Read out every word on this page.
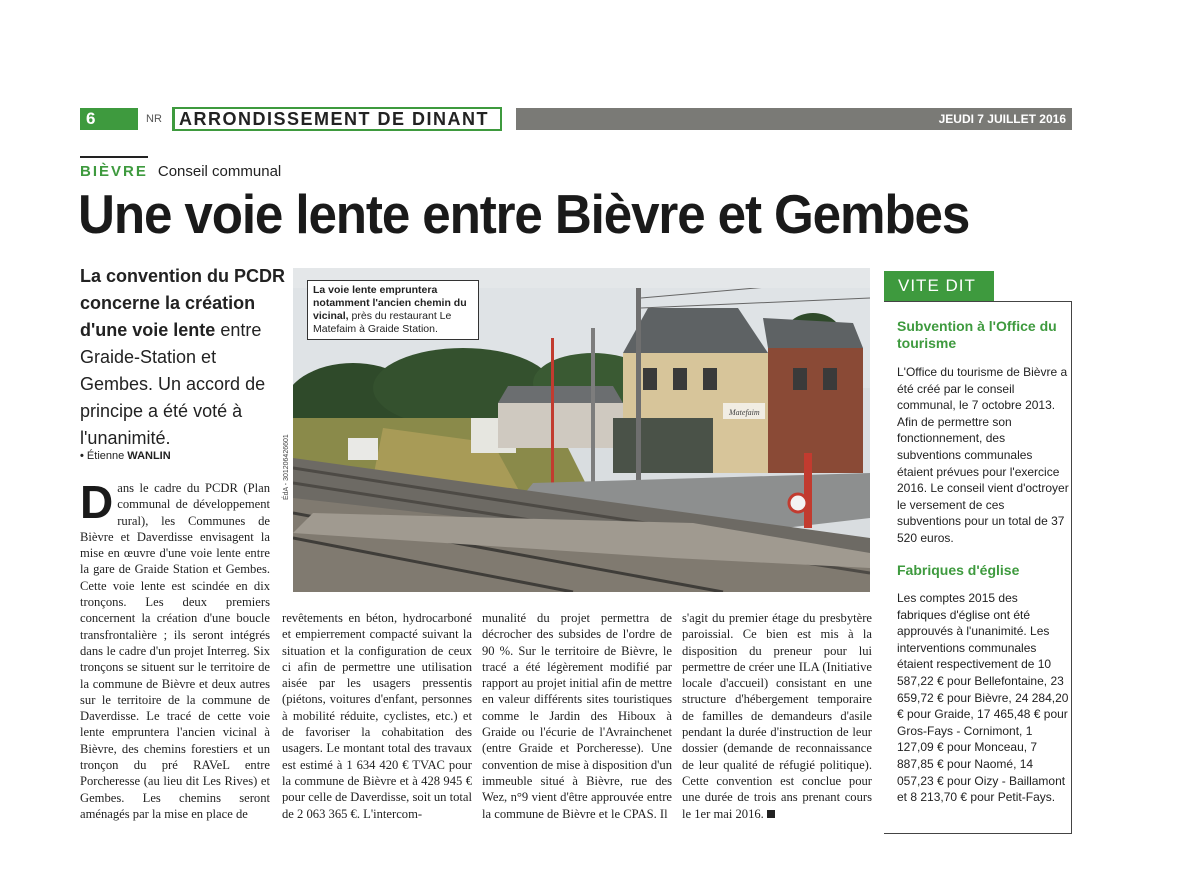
6	NR ARRONDISSEMENT DE DINANT	JEUDI 7 JUILLET 2016
BIÈVRE Conseil communal
Une voie lente entre Bièvre et Gembes
La convention du PCDR concerne la création d'une voie lente entre Graide-Station et Gembes. Un accord de principe a été voté à l'unanimité.
• Étienne WANLIN
Dans le cadre du PCDR (Plan communal de développement rural), les Communes de Bièvre et Daverdisse envisagent la mise en œuvre d'une voie lente entre la gare de Graide Station et Gembes. Cette voie lente est scindée en dix tronçons. Les deux premiers concernent la création d'une boucle transfrontalière ; ils seront intégrés dans le cadre d'un projet Interreg. Six tronçons se situent sur le territoire de la commune de Bièvre et deux autres sur le territoire de la commune de Daverdisse. Le tracé de cette voie lente empruntera l'ancien vicinal à Bièvre, des chemins forestiers et un tronçon du pré RAVeL entre Porcheresse (au lieu dit Les Rives) et Gembes. Les chemins seront aménagés par la mise en place de
revêtements en béton, hydrocarboné et empierrement compacté suivant la situation et la configuration de ceux ci afin de permettre une utilisation aisée par les usagers pressentis (piétons, voitures d'enfant, personnes à mobilité réduite, cyclistes, etc.) et de favoriser la cohabitation des usagers. Le montant total des travaux est estimé à 1 634 420 € TVAC pour la commune de Bièvre et à 428 945 € pour celle de Daverdisse, soit un total de 2 063 365 €. L'intercom-
munalité du projet permettra de décrocher des subsides de l'ordre de 90 %. Sur le territoire de Bièvre, le tracé a été légèrement modifié par rapport au projet initial afin de mettre en valeur différents sites touristiques comme le Jardin des Hiboux à Graide ou l'écurie de l'Avrainchenet (entre Graide et Porcheresse). Une convention de mise à disposition d'un immeuble situé à Bièvre, rue des Wez, n°9 vient d'être approuvée entre la commune de Bièvre et le CPAS. Il
s'agit du premier étage du presbytère paroissial. Ce bien est mis à la disposition du preneur pour lui permettre de créer une ILA (Initiative locale d'accueil) consistant en une structure d'hébergement temporaire de familles de demandeurs d'asile pendant la durée d'instruction de leur dossier (demande de reconnaissance de leur qualité de réfugié politique). Cette convention est conclue pour une durée de trois ans prenant cours le 1er mai 2016.
Matefaim
ÉdA - 301206426601
La voie lente empruntera notamment l'ancien chemin du vicinal, près du restaurant Le Matefaim à Graide Station.
VITE DIT
Subvention à l'Office du tourisme
L'Office du tourisme de Bièvre a été créé par le conseil communal, le 7 octobre 2013. Afin de permettre son fonctionnement, des subventions communales étaient prévues pour l'exercice 2016. Le conseil vient d'octroyer le versement de ces subventions pour un total de 37 520 euros.
Fabriques d'église
Les comptes 2015 des fabriques d'église ont été approuvés à l'unanimité. Les interventions communales étaient respectivement de 10 587,22 € pour Bellefontaine, 23 659,72 € pour Bièvre, 24 284,20 € pour Graide, 17 465,48 € pour Gros-Fays - Cornimont, 1 127,09 € pour Monceau, 7 887,85 € pour Naomé, 14 057,23 € pour Oizy - Baillamont et 8 213,70 € pour Petit-Fays.
